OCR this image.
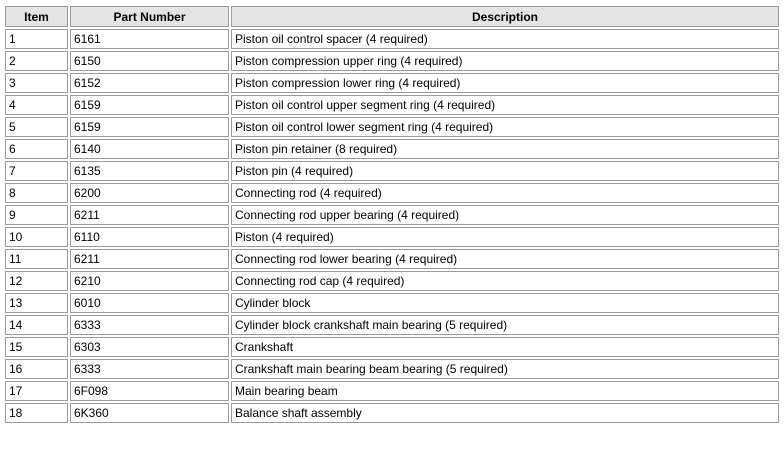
Item	Part Number	Description
1	6161	Piston oil control spacer (4 required)
2	6150	Piston compression upper ring (4 required)
3	6152	Piston compression lower ring (4 required)
4	6159	Piston oil control upper segment ring (4 required)
5	6159	Piston oil control lower segment ring (4 required)
6	6140	Piston pin retainer (8 required)
7	6135	Piston pin (4 required)
8	6200	Connecting rod (4 required)
9	6211	Connecting rod upper bearing (4 required)
10	6110	Piston (4 required)
11	6211	Connecting rod lower bearing (4 required)
12	6210	Connecting rod cap (4 required)
13	6010	Cylinder block
14	6333	Cylinder block crankshaft main bearing (5 required)
15	6303	Crankshaft
16	6333	Crankshaft main bearing beam bearing (5 required)
17	6F098	Main bearing beam
18	6K360	Balance shaft assembly
